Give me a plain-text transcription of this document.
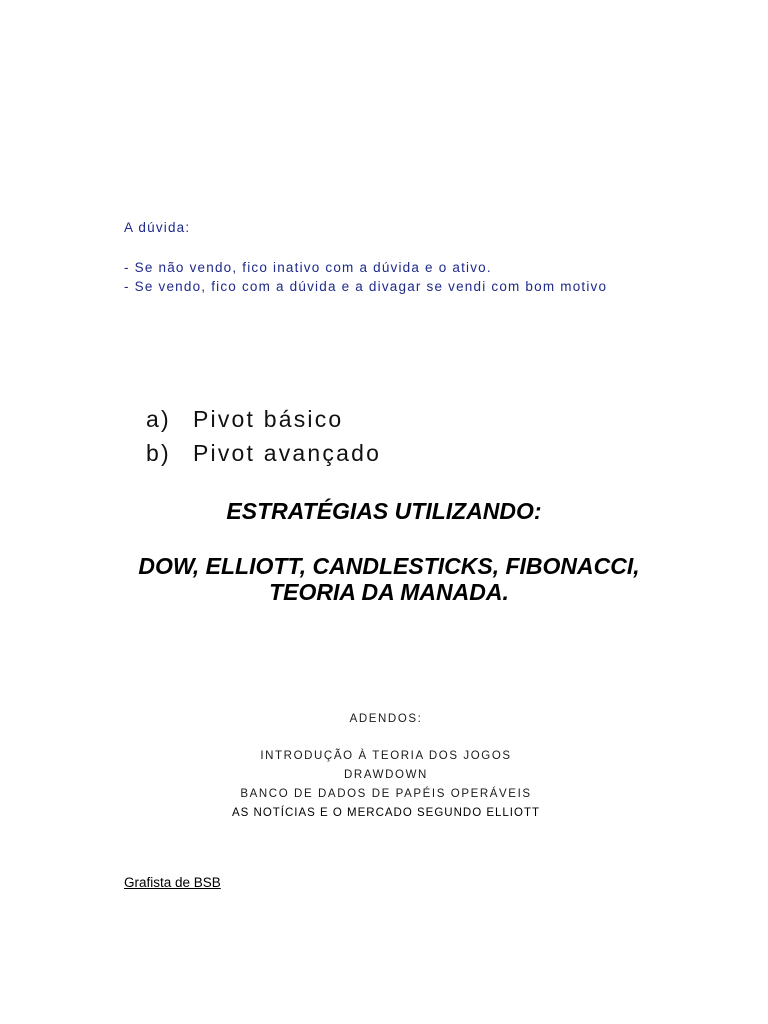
A dúvida:
- Se não vendo, fico inativo com a dúvida e o ativo.
- Se vendo, fico com a dúvida e a divagar se vendi com bom motivo
a) Pivot básico
b) Pivot avançado
ESTRATÉGIAS UTILIZANDO:
DOW, ELLIOTT, CANDLESTICKS, FIBONACCI,
TEORIA DA MANADA.
ADENDOS:
INTRODUÇÃO À TEORIA DOS JOGOS
DRAWDOWN
BANCO DE DADOS DE PAPÉIS OPERÁVEIS
AS NOTÍCIAS E O MERCADO SEGUNDO ELLIOTT
Grafista de BSB
